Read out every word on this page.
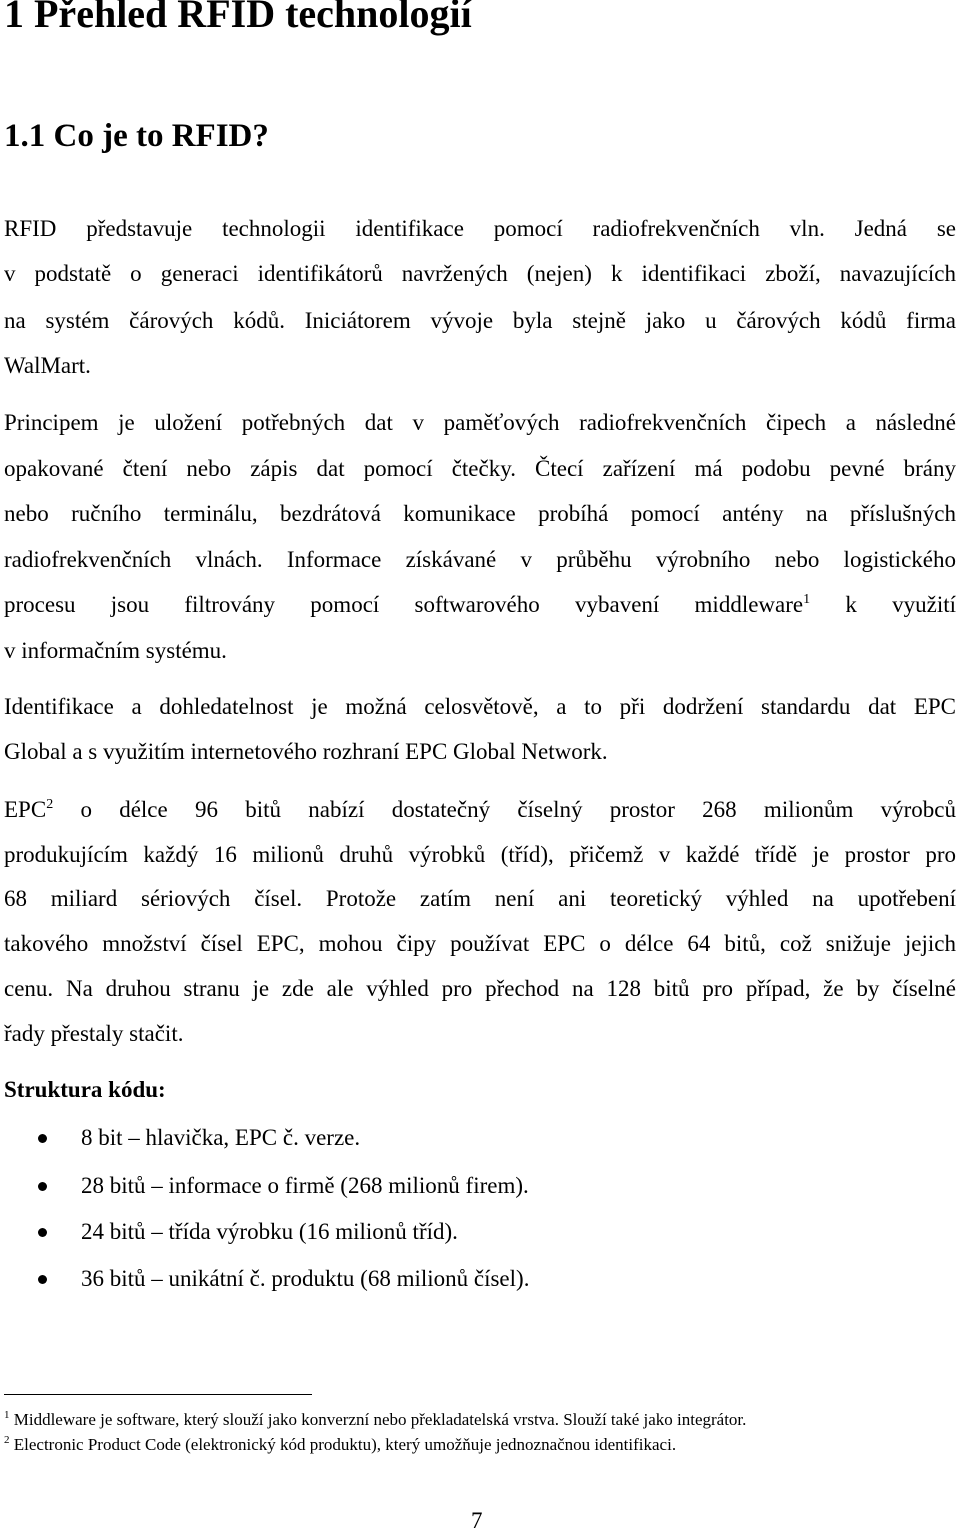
1 Přehled RFID technologií
1.1 Co je to RFID?

RFID představuje technologii identifikace pomocí radiofrekvenčních vln. Jedná se

v podstatě o generaci identifikátorů navržených (nejen) k identifikaci zboží, navazujících

na systém čárových kódů. Iniciátorem vývoje byla stejně jako u čárových kódů firma

WalMart.

Principem je uložení potřebných dat v paměťových radiofrekvenčních čipech a následné

opakované čtení nebo zápis dat pomocí čtečky. Čtecí zařízení má podobu pevné brány

nebo ručního terminálu, bezdrátová komunikace probíhá pomocí antény na příslušných

radiofrekvenčních vlnách. Informace získávané v průběhu výrobního nebo logistického

procesu jsou filtrovány pomocí softwarového vybavení middleware$^1$ k využití

v informačním systému.

Identifikace a dohledatelnost je možná celosvětově, a to při dodržení standardu dat EPC

Global a s využitím internetového rozhraní EPC Global Network.

EPC$^2$ o délce 96 bitů nabízí dostatečný číselný prostor 268 milionům výrobců

produkujícím každý 16 milionů druhů výrobků (tříd), přičemž v každé třídě je prostor pro

68 miliard sériových čísel. Protože zatím není ani teoretický výhled na upotřebení

takového množství čísel EPC, mohou čipy používat EPC o délce 64 bitů, což snižuje jejich

cenu. Na druhou stranu je zde ale výhled pro přechod na 128 bitů pro případ, že by číselné

řady přestaly stačit.

Struktura kódu:

8 bit – hlavička, EPC č. verze.
28 bitů – informace o firmě (268 milionů firem).
24 bitů – třída výrobku (16 milionů tříd).
36 bitů – unikátní č. produktu (68 milionů čísel).
$^1$ Middleware je software, který slouží jako konverzní nebo překladatelská vrstva. Slouží také jako integrátor.
$^2$ Electronic Product Code (elektronický kód produktu), který umožňuje jednoznačnou identifikaci.
7
